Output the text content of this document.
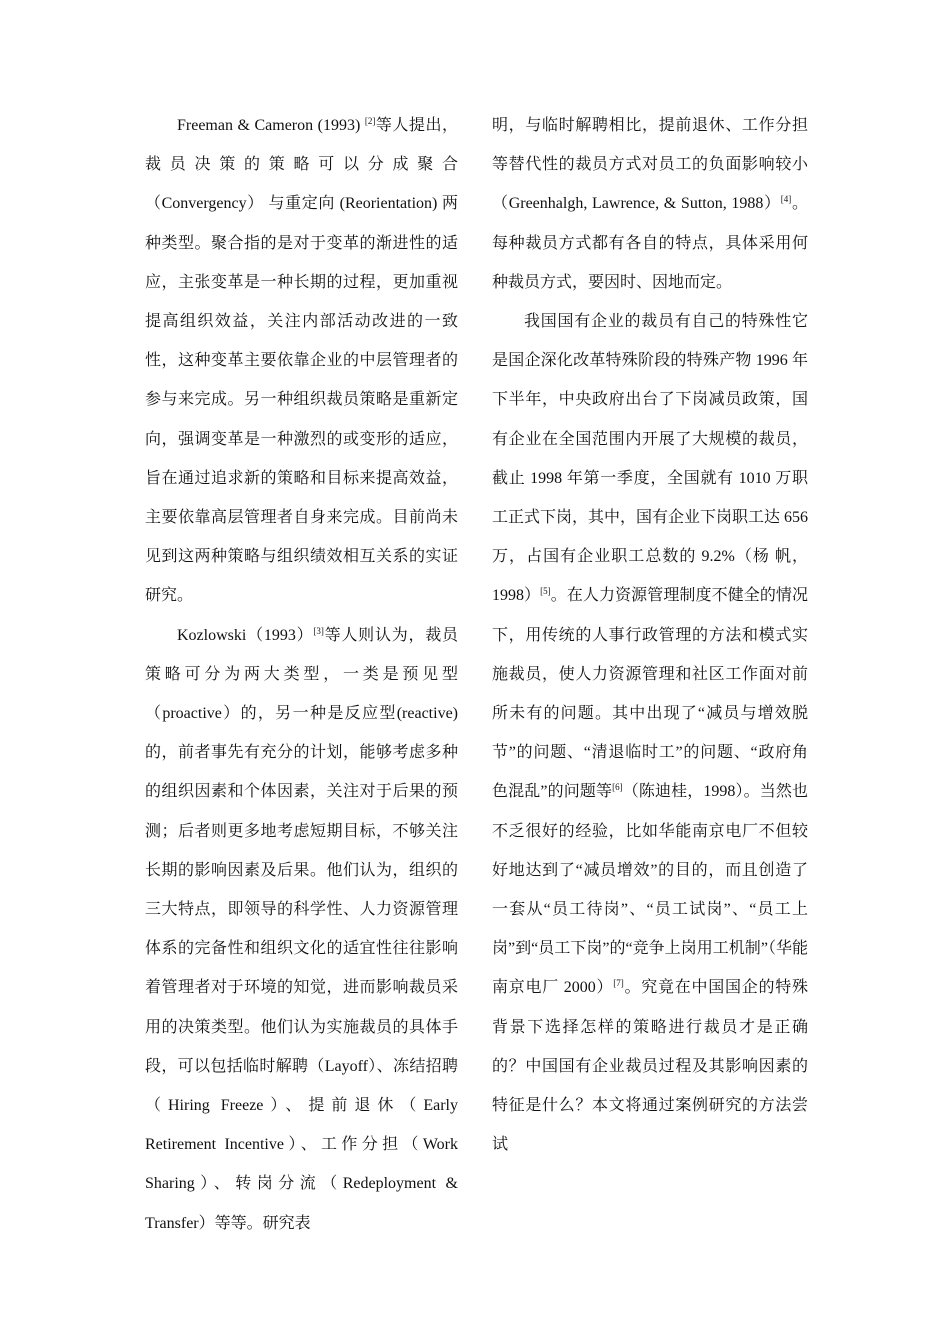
Freeman & Cameron (1993) [2]等人提出，裁员决策的策略可以分成聚合（Convergency） 与重定向 (Reorientation) 两种类型。聚合指的是对于变革的渐进性的适应，主张变革是一种长期的过程，更加重视提高组织效益，关注内部活动改进的一致性，这种变革主要依靠企业的中层管理者的参与来完成。另一种组织裁员策略是重新定向，强调变革是一种激烈的或变形的适应，旨在通过追求新的策略和目标来提高效益，主要依靠高层管理者自身来完成。目前尚未见到这两种策略与组织绩效相互关系的实证研究。

Kozlowski（1993）[3]等人则认为，裁员策略可分为两大类型，一类是预见型（proactive）的，另一种是反应型(reactive) 的，前者事先有充分的计划，能够考虑多种的组织因素和个体因素，关注对于后果的预测；后者则更多地考虑短期目标，不够关注长期的影响因素及后果。他们认为，组织的三大特点，即领导的科学性、人力资源管理体系的完备性和组织文化的适宜性往往影响着管理者对于环境的知觉，进而影响裁员采用的决策类型。他们认为实施裁员的具体手段，可以包括临时解聘（Layoff）、冻结招聘（Hiring Freeze）、提前退休（Early Retirement Incentive）、工作分担（Work Sharing）、转岗分流（Redeployment & Transfer）等等。研究表

明，与临时解聘相比，提前退休、工作分担等替代性的裁员方式对员工的负面影响较小（Greenhalgh, Lawrence, & Sutton, 1988）[4]。每种裁员方式都有各自的特点，具体采用何种裁员方式，要因时、因地而定。

我国国有企业的裁员有自己的特殊性它是国企深化改革特殊阶段的特殊产物 1996 年下半年，中央政府出台了下岗减员政策，国有企业在全国范围内开展了大规模的裁员，截止 1998 年第一季度，全国就有 1010 万职工正式下岗，其中，国有企业下岗职工达 656 万，占国有企业职工总数的 9.2%（杨 帆，1998）[5]。在人力资源管理制度不健全的情况下，用传统的人事行政管理的方法和模式实施裁员，使人力资源管理和社区工作面对前所未有的问题。其中出现了“减员与增效脱节”的问题、“清退临时工”的问题、“政府角色混乱”的问题等[6]（陈迪桂，1998）。当然也不乏很好的经验，比如华能南京电厂不但较好地达到了“减员增效”的目的，而且创造了一套从“员工待岗”、“员工试岗”、“员工上岗”到“员工下岗”的“竞争上岗用工机制”（华能南京电厂 2000）[7]。究竟在中国国企的特殊背景下选择怎样的策略进行裁员才是正确的？中国国有企业裁员过程及其影响因素的特征是什么？本文将通过案例研究的方法尝试
